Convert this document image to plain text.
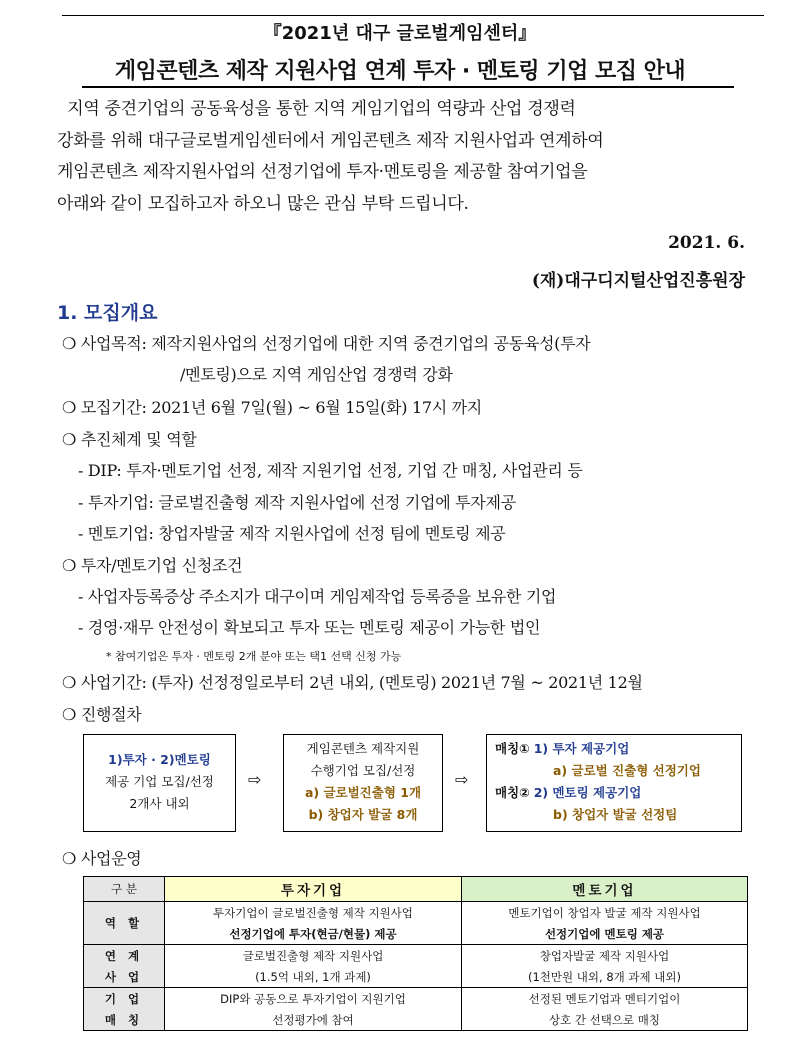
『2021년 대구 글로벌게임센터』
게임콘텐츠 제작 지원사업 연계 투자 · 멘토링 기업 모집 안내

지역 중견기업의 공동육성을 통한 지역 게임기업의 역량과 산업 경쟁력

강화를 위해 대구글로벌게임센터에서 게임콘텐츠 제작 지원사업과 연계하여

게임콘텐츠 제작지원사업의 선정기업에 투자·멘토링을 제공할 참여기업을

아래와 같이 모집하고자 하오니 많은 관심 부탁 드립니다.

2021. 6.
(재)대구디지털산업진흥원장
1. 모집개요
❍ 사업목적: 제작지원사업의 선정기업에 대한 지역 중견기업의 공동육성(투자
/멘토링)으로 지역 게임산업 경쟁력 강화
❍ 모집기간: 2021년 6월 7일(월) ~ 6월 15일(화) 17시 까지
❍ 추진체계 및 역할
- DIP: 투자·멘토기업 선정, 제작 지원기업 선정, 기업 간 매칭, 사업관리 등
- 투자기업: 글로벌진출형 제작 지원사업에 선정 기업에 투자제공
- 멘토기업: 창업자발굴 제작 지원사업에 선정 팀에 멘토링 제공
❍ 투자/멘토기업 신청조건
- 사업자등록증상 주소지가 대구이며 게임제작업 등록증을 보유한 기업
- 경영·재무 안전성이 확보되고 투자 또는 멘토링 제공이 가능한 법인
* 참여기업은 투자 · 멘토링 2개 분야 또는 택1 선택 신청 가능
❍ 사업기간: (투자) 선정정일로부터 2년 내외, (멘토링) 2021년 7월 ~ 2021년 12월
❍ 진행절차
1)투자 · 2)멘토링
제공 기업 모집/선정
2개사 내외
⇨
게임콘텐츠 제작지원
수행기업 모집/선정
a) 글로벌진출형 1개
b) 창업자 발굴 8개
⇨
매칭① 1) 투자 제공기업
a) 글로벌 진출형 선정기업
매칭② 2) 멘토링 제공기업
b) 창업자 발굴 선정팀
❍ 사업운영
구 분	투자기업	멘토기업
역 할	투자기업이 글로벌진출형 제작 지원사업	멘토기업이 창업자 발굴 제작 지원사업
	선정기업에 투자(현금/현물) 제공	선정기업에 멘토링 제공
연 계	글로벌진출형 제작 지원사업	창업자발굴 제작 지원사업
사 업	(1.5억 내외, 1개 과제)	(1천만원 내외, 8개 과제 내외)
기 업	DIP와 공동으로 투자기업이 지원기업	선정된 멘토기업과 멘티기업이
매 칭	선정평가에 참여	상호 간 선택으로 매칭
